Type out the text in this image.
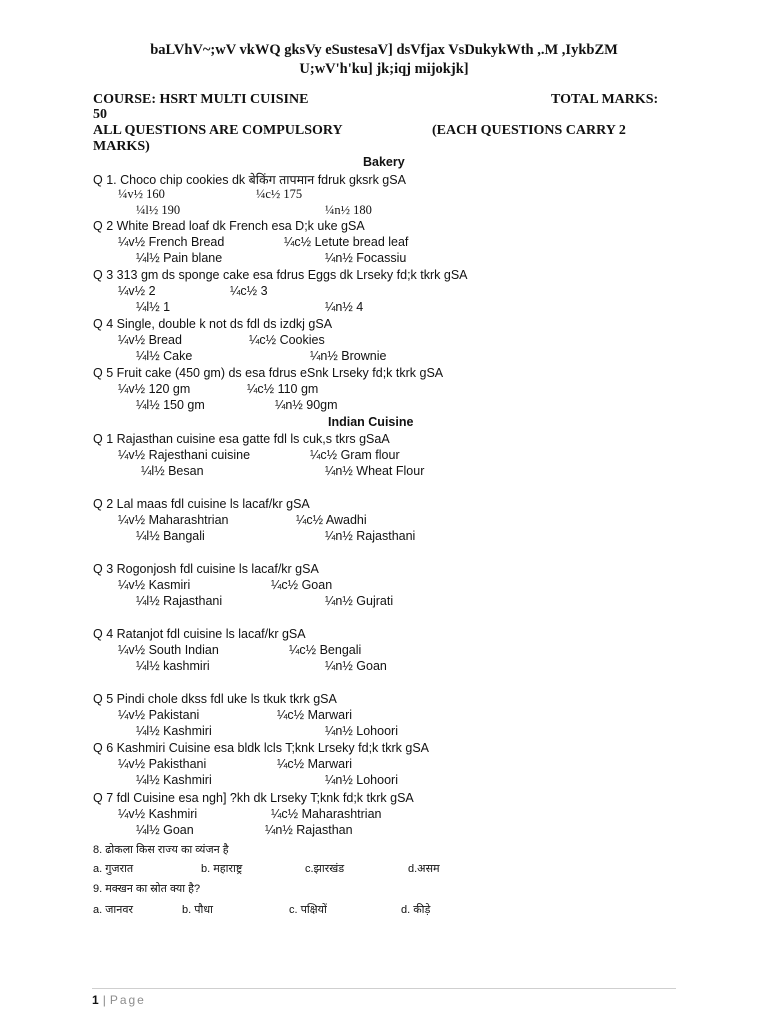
baLVhV~;wV vkWQ gksVy eSustesaV] dsVfjax VsDukykWth ,.M ,IykbZM
U;wV'h'ku] jk;iqj mijokjk]
COURSE: HSRT MULTI CUISINE	TOTAL MARKS:
50
ALL QUESTIONS ARE COMPULSORY	(EACH QUESTIONS CARRY 2
MARKS)
Bakery
Q 1. Choco chip cookies dk बेकिंग तापमान fdruk gksrk gSA
¼v½ 160	¼c½ 175
¼l½ 190	¼n½ 180
Q 2 White Bread loaf dk French esa D;k uke gSA
¼v½ French Bread	¼c½ Letute bread leaf
¼l½ Pain blane	¼n½ Focassiu
Q 3 313 gm ds sponge cake esa fdrus Eggs dk Lrseky fd;k tkrk gSA
¼v½ 2	¼c½ 3
¼l½ 1	¼n½ 4
Q 4 Single, double k not ds fdl ds izdkj gSA
¼v½ Bread	¼c½ Cookies
¼l½ Cake	¼n½ Brownie
Q 5 Fruit cake (450 gm) ds esa fdrus eSnk Lrseky fd;k tkrk gSA
¼v½ 120 gm	¼c½ 110 gm
¼l½ 150 gm	¼n½ 90gm
Indian Cuisine
Q 1 Rajasthan cuisine esa gatte fdl ls cuk,s tkrs gSaA
¼v½ Rajesthani cuisine	¼c½ Gram flour
¼l½ Besan	¼n½ Wheat Flour
Q 2 Lal maas fdl cuisine ls lacaf/kr gSA
¼v½ Maharashtrian	¼c½ Awadhi
¼l½ Bangali	¼n½ Rajasthani
Q 3 Rogonjosh fdl cuisine ls lacaf/kr gSA
¼v½ Kasmiri	¼c½ Goan
¼l½ Rajasthani	¼n½ Gujrati
Q 4 Ratanjot fdl cuisine ls lacaf/kr gSA
¼v½ South Indian	¼c½ Bengali
¼l½ kashmiri	¼n½ Goan
Q 5 Pindi chole dkss fdl uke ls tkuk tkrk gSA
¼v½ Pakistani	¼c½ Marwari
¼l½ Kashmiri	¼n½ Lohoori
Q 6 Kashmiri Cuisine esa bldk lcls T;knk Lrseky fd;k tkrk gSA
¼v½ Pakisthani	¼c½ Marwari
¼l½ Kashmiri	¼n½ Lohoori
Q 7 fdl Cuisine esa ngh] ?kh dk Lrseky T;knk fd;k tkrk gSA
¼v½ Kashmiri	¼c½ Maharashtrian
¼l½ Goan	¼n½ Rajasthan
8. ढोकला किस राज्य का व्यंजन है
a. गुजरात	b. महाराष्ट्र	c.झारखंड	d.असम
9. मक्खन का स्रोत क्या है?
a. जानवर	b. पौधा	c. पक्षियों	d. कीड़े
1 | Page
